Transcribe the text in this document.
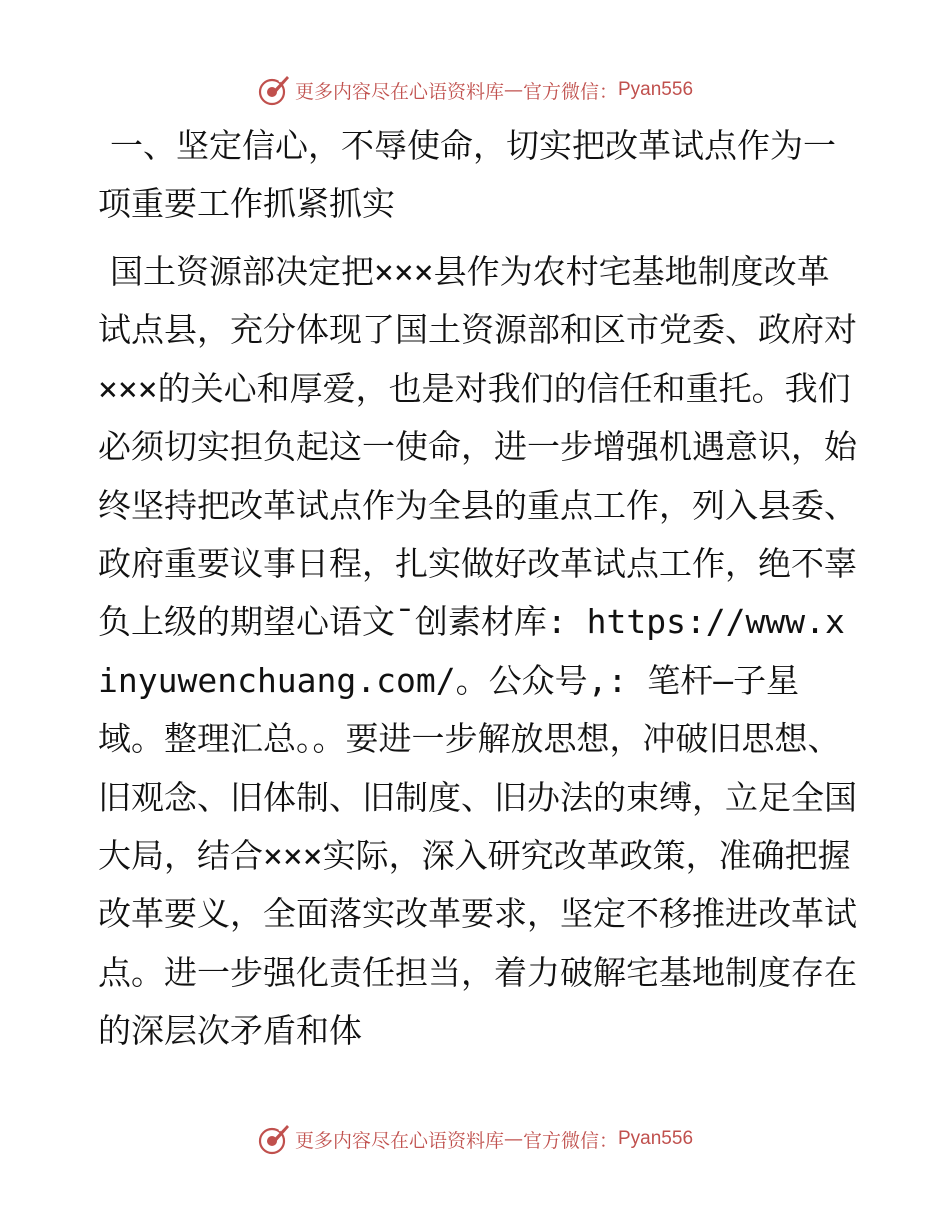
更多内容尽在心语资料库 — 官方微信： Pyan556
一、坚定信心，不辱使命，切实把改革试点作为一项重要工作抓紧抓实

国土资源部决定把×××县作为农村宅基地制度改革试点县，充分体现了国土资源部和区市党委、政府对×××的关心和厚爱，也是对我们的信任和重托。我们必须切实担负起这一使命，进一步增强机遇意识，始终坚持把改革试点作为全县的重点工作，列入县委、政府重要议事日程，扎实做好改革试点工作，绝不辜负上级的期望心语文¯创素材库: https://www.xinyuwenchuang.com/。公众号,: 笔杆—子星域。整理汇总。。要进一步解放思想，冲破旧思想、旧观念、旧体制、旧制度、旧办法的束缚，立足全国大局，结合×××实际，深入研究改革政策，准确把握改革要义，全面落实改革要求，坚定不移推进改革试点。进一步强化责任担当，着力破解宅基地制度存在的深层次矛盾和体

更多内容尽在心语资料库 — 官方微信： Pyan556
